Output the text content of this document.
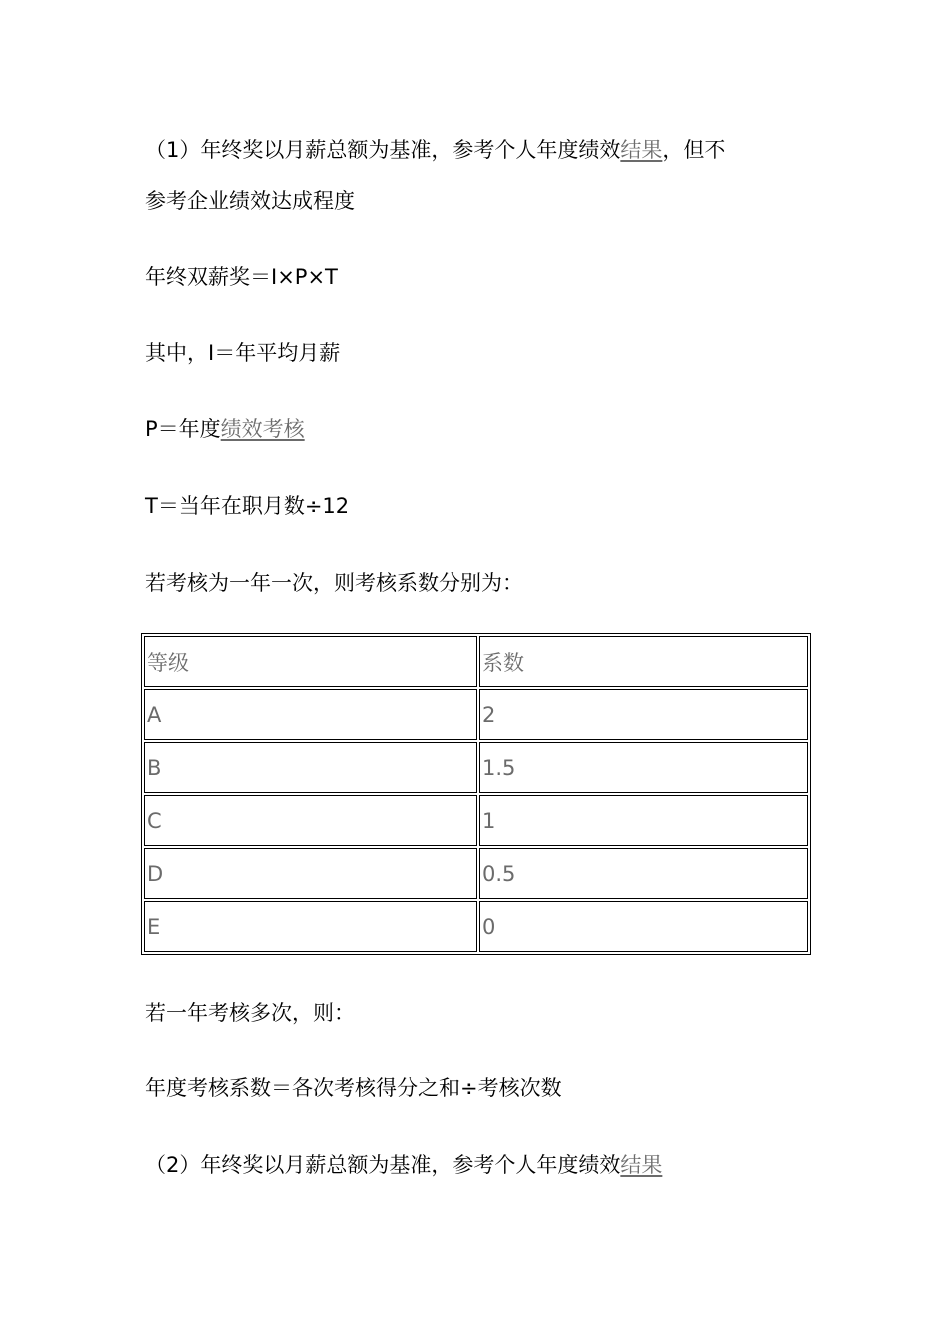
（1）年终奖以月薪总额为基准，参考个人年度绩效结果，但不
参考企业绩效达成程度
年终双薪奖＝I×P×T
其中，I＝年平均月薪
P＝年度绩效考核
T＝当年在职月数÷12
若考核为一年一次，则考核系数分别为：
等级	系数
A	2
B	1.5
C	1
D	0.5
E	0
若一年考核多次，则：
年度考核系数＝各次考核得分之和÷考核次数
（2）年终奖以月薪总额为基准，参考个人年度绩效结果
